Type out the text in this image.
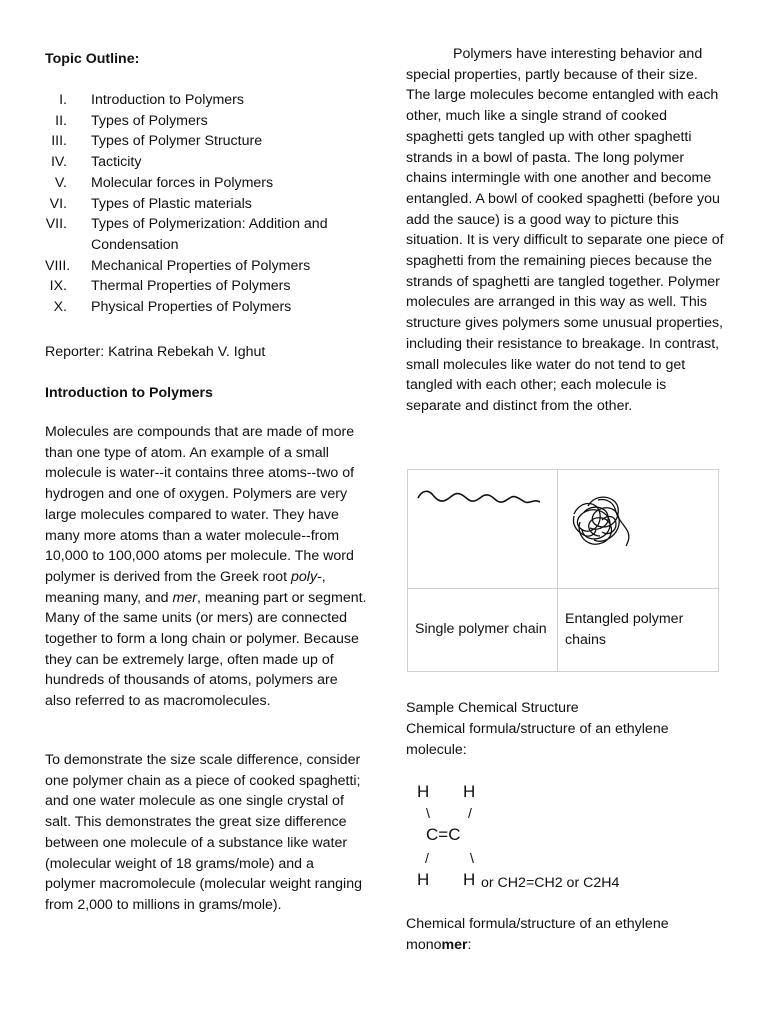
Topic Outline:
I.	Introduction to Polymers
II.	Types of Polymers
III.	Types of Polymer Structure
IV.	Tacticity
V.	Molecular forces in Polymers
VI.	Types of Plastic materials
VII.	Types of Polymerization: Addition and Condensation
VIII.	Mechanical Properties of Polymers
IX.	Thermal Properties of Polymers
X.	Physical Properties of Polymers
Reporter: Katrina Rebekah V. Ighut
Introduction to Polymers

Molecules are compounds that are made of more than one type of atom. An example of a small molecule is water--it contains three atoms--two of hydrogen and one of oxygen. Polymers are very large molecules compared to water. They have many more atoms than a water molecule--from 10,000 to 100,000 atoms per molecule. The word polymer is derived from the Greek root poly-, meaning many, and mer, meaning part or segment. Many of the same units (or mers) are connected together to form a long chain or polymer. Because they can be extremely large, often made up of hundreds of thousands of atoms, polymers are also referred to as macromolecules.

To demonstrate the size scale difference, consider one polymer chain as a piece of cooked spaghetti; and one water molecule as one single crystal of salt. This demonstrates the great size difference between one molecule of a substance like water (molecular weight of 18 grams/mole) and a polymer macromolecule (molecular weight ranging from 2,000 to millions in grams/mole).

Polymers have interesting behavior and special properties, partly because of their size. The large molecules become entangled with each other, much like a single strand of cooked spaghetti gets tangled up with other spaghetti strands in a bowl of pasta. The long polymer chains intermingle with one another and become entangled. A bowl of cooked spaghetti (before you add the sauce) is a good way to picture this situation. It is very difficult to separate one piece of spaghetti from the remaining pieces because the strands of spaghetti are tangled together. Polymer molecules are arranged in this way as well. This structure gives polymers some unusual properties, including their resistance to breakage. In contrast, small molecules like water do not tend to get tangled with each other; each molecule is separate and distinct from the other.

Single polymer chain	Entangled polymer chains
Sample Chemical Structure

Chemical formula/structure of an ethylene molecule:

H H
\	/
C=C
/	\
H H or CH2=CH2 or C2H4

Chemical formula/structure of an ethylene monomer:
